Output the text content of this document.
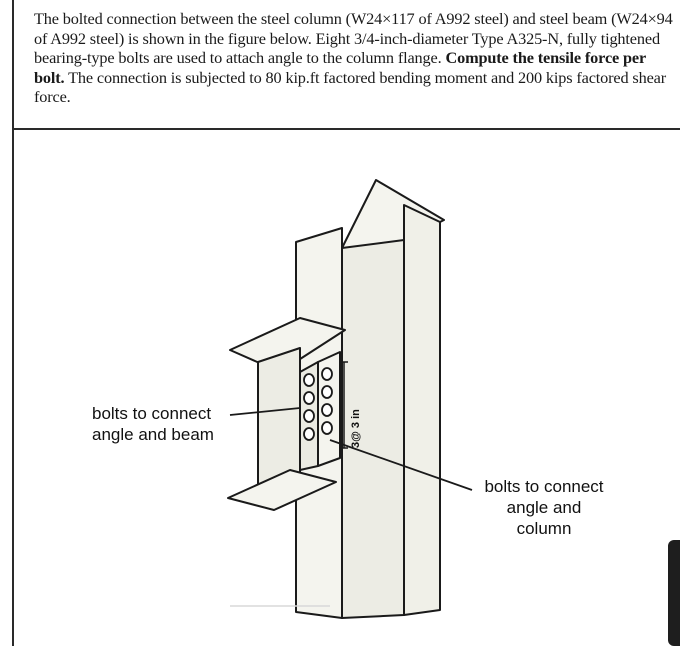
The bolted connection between the steel column (W24×117 of A992 steel) and steel beam (W24×94 of A992 steel) is shown in the figure below. Eight 3/4-inch-diameter Type A325-N, fully tightened bearing-type bolts are used to attach angle to the column flange. Compute the tensile force per bolt. The connection is subjected to 80 kip.ft factored bending moment and 200 kips factored shear force.
3@ 3 in
bolts to connect
angle and beam
bolts to connect
angle and
column
